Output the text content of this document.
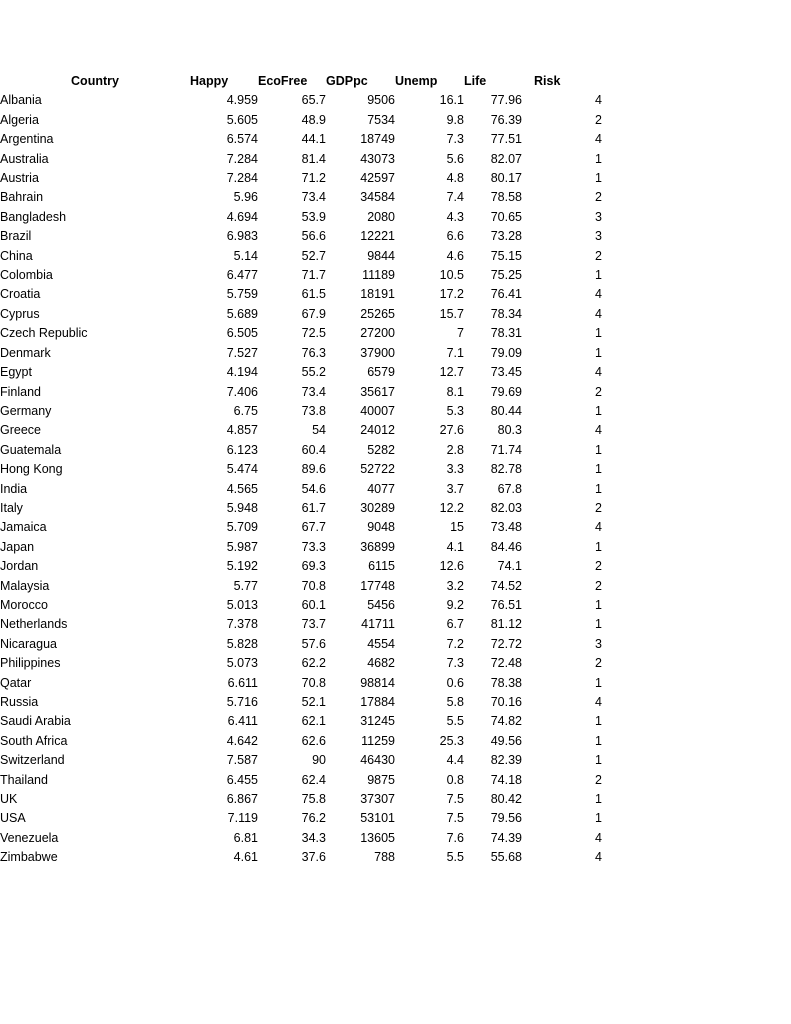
Country	Happy	EcoFree	GDPpc	Unemp	Life	Risk
Albania	4.959	65.7	9506	16.1	77.96	4
Algeria	5.605	48.9	7534	9.8	76.39	2
Argentina	6.574	44.1	18749	7.3	77.51	4
Australia	7.284	81.4	43073	5.6	82.07	1
Austria	7.284	71.2	42597	4.8	80.17	1
Bahrain	5.96	73.4	34584	7.4	78.58	2
Bangladesh	4.694	53.9	2080	4.3	70.65	3
Brazil	6.983	56.6	12221	6.6	73.28	3
China	5.14	52.7	9844	4.6	75.15	2
Colombia	6.477	71.7	11189	10.5	75.25	1
Croatia	5.759	61.5	18191	17.2	76.41	4
Cyprus	5.689	67.9	25265	15.7	78.34	4
Czech Republic	6.505	72.5	27200	7	78.31	1
Denmark	7.527	76.3	37900	7.1	79.09	1
Egypt	4.194	55.2	6579	12.7	73.45	4
Finland	7.406	73.4	35617	8.1	79.69	2
Germany	6.75	73.8	40007	5.3	80.44	1
Greece	4.857	54	24012	27.6	80.3	4
Guatemala	6.123	60.4	5282	2.8	71.74	1
Hong Kong	5.474	89.6	52722	3.3	82.78	1
India	4.565	54.6	4077	3.7	67.8	1
Italy	5.948	61.7	30289	12.2	82.03	2
Jamaica	5.709	67.7	9048	15	73.48	4
Japan	5.987	73.3	36899	4.1	84.46	1
Jordan	5.192	69.3	6115	12.6	74.1	2
Malaysia	5.77	70.8	17748	3.2	74.52	2
Morocco	5.013	60.1	5456	9.2	76.51	1
Netherlands	7.378	73.7	41711	6.7	81.12	1
Nicaragua	5.828	57.6	4554	7.2	72.72	3
Philippines	5.073	62.2	4682	7.3	72.48	2
Qatar	6.611	70.8	98814	0.6	78.38	1
Russia	5.716	52.1	17884	5.8	70.16	4
Saudi Arabia	6.411	62.1	31245	5.5	74.82	1
South Africa	4.642	62.6	11259	25.3	49.56	1
Switzerland	7.587	90	46430	4.4	82.39	1
Thailand	6.455	62.4	9875	0.8	74.18	2
UK	6.867	75.8	37307	7.5	80.42	1
USA	7.119	76.2	53101	7.5	79.56	1
Venezuela	6.81	34.3	13605	7.6	74.39	4
Zimbabwe	4.61	37.6	788	5.5	55.68	4
